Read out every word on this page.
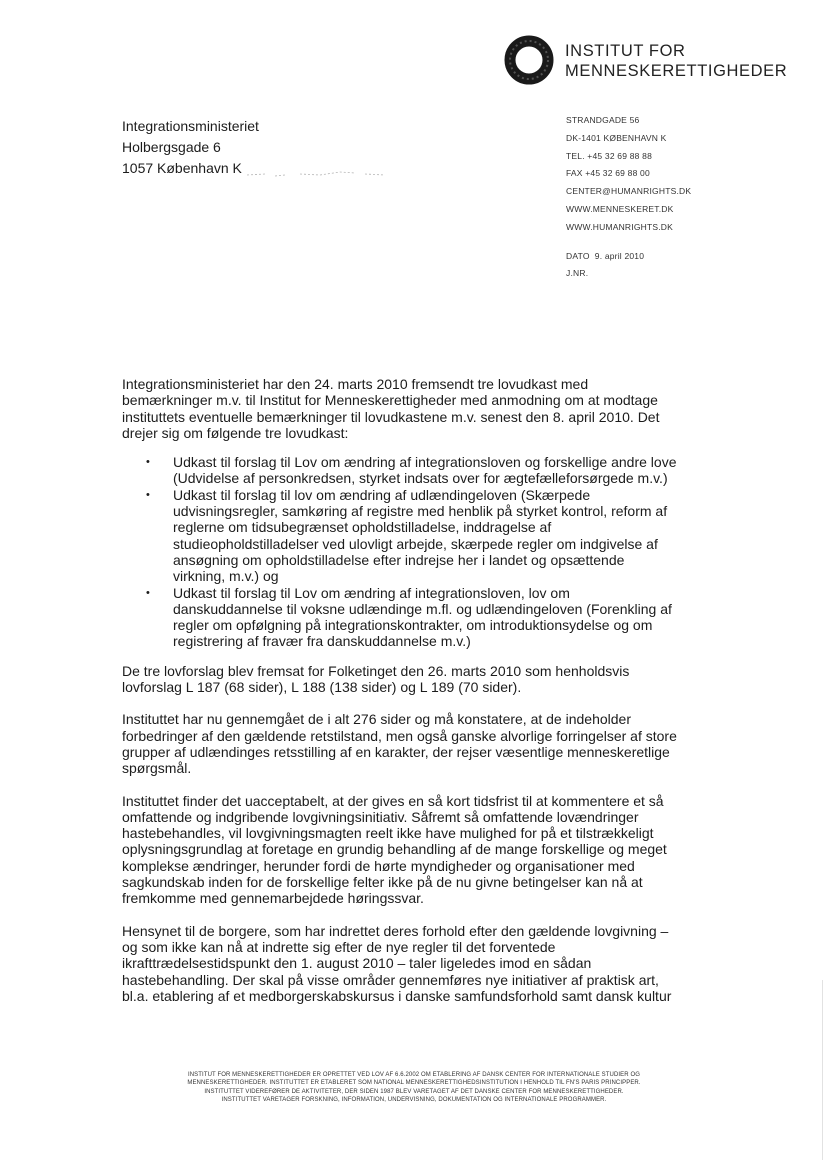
INSTITUT FOR
MENNESKERETTIGHEDER
Integrationsministeriet
Holbergsgade 6
1057 København K
STRANDGADE 56
DK-1401 KØBENHAVN K
TEL. +45 32 69 88 88
FAX +45 32 69 88 00
CENTER@HUMANRIGHTS.DK
WWW.MENNESKERET.DK
WWW.HUMANRIGHTS.DK
DATO 9. april 2010
J.NR.

Integrationsministeriet har den 24. marts 2010 fremsendt tre lovudkast med
bemærkninger m.v. til Institut for Menneskerettigheder med anmodning om at modtage
instituttets eventuelle bemærkninger til lovudkastene m.v. senest den 8. april 2010. Det
drejer sig om følgende tre lovudkast:

• Udkast til forslag til Lov om ændring af integrationsloven og forskellige andre love
(Udvidelse af personkredsen, styrket indsats over for ægtefælleforsørgede m.v.)
• Udkast til forslag til lov om ændring af udlændingeloven (Skærpede
udvisningsregler, samkøring af registre med henblik på styrket kontrol, reform af
reglerne om tidsubegrænset opholdstilladelse, inddragelse af
studieopholdstilladelser ved ulovligt arbejde, skærpede regler om indgivelse af
ansøgning om opholdstilladelse efter indrejse her i landet og opsættende
virkning, m.v.) og
• Udkast til forslag til Lov om ændring af integrationsloven, lov om
danskuddannelse til voksne udlændinge m.fl. og udlændingeloven (Forenkling af
regler om opfølgning på integrationskontrakter, om introduktionsydelse og om
registrering af fravær fra danskuddannelse m.v.)

De tre lovforslag blev fremsat for Folketinget den 26. marts 2010 som henholdsvis
lovforslag L 187 (68 sider), L 188 (138 sider) og L 189 (70 sider).

Instituttet har nu gennemgået de i alt 276 sider og må konstatere, at de indeholder
forbedringer af den gældende retstilstand, men også ganske alvorlige forringelser af store
grupper af udlændinges retsstilling af en karakter, der rejser væsentlige menneskeretlige
spørgsmål.

Instituttet finder det uacceptabelt, at der gives en så kort tidsfrist til at kommentere et så
omfattende og indgribende lovgivningsinitiativ. Såfremt så omfattende lovændringer
hastebehandles, vil lovgivningsmagten reelt ikke have mulighed for på et tilstrækkeligt
oplysningsgrundlag at foretage en grundig behandling af de mange forskellige og meget
komplekse ændringer, herunder fordi de hørte myndigheder og organisationer med
sagkundskab inden for de forskellige felter ikke på de nu givne betingelser kan nå at
fremkomme med gennemarbejdede høringssvar.

Hensynet til de borgere, som har indrettet deres forhold efter den gældende lovgivning –
og som ikke kan nå at indrette sig efter de nye regler til det forventede
ikrafttrædelsestidspunkt den 1. august 2010 – taler ligeledes imod en sådan
hastebehandling. Der skal på visse områder gennemføres nye initiativer af praktisk art,
bl.a. etablering af et medborgerskabskursus i danske samfundsforhold samt dansk kultur

INSTITUT FOR MENNESKERETTIGHEDER ER OPRETTET VED LOV AF 6.6.2002 OM ETABLERING AF DANSK CENTER FOR INTERNATIONALE STUDIER OG
MENNESKERETTIGHEDER. INSTITUTTET ER ETABLERET SOM NATIONAL MENNESKERETTIGHEDSINSTITUTION I HENHOLD TIL FN'S PARIS PRINCIPPER.
INSTITUTTET VIDEREFØRER DE AKTIVITETER, DER SIDEN 1987 BLEV VARETAGET AF DET DANSKE CENTER FOR MENNESKERETTIGHEDER.
INSTITUTTET VARETAGER FORSKNING, INFORMATION, UNDERVISNING, DOKUMENTATION OG INTERNATIONALE PROGRAMMER.
